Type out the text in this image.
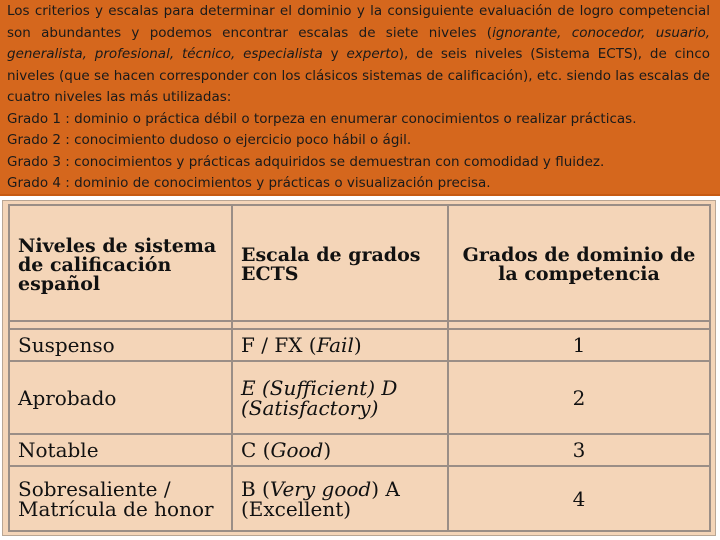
Los criterios y escalas para determinar el dominio y la consiguiente evaluación de logro competencial son abundantes y podemos encontrar escalas de siete niveles (ignorante, conocedor, usuario, generalista, profesional, técnico, especialista y experto), de seis niveles (Sistema ECTS), de cinco niveles (que se hacen corresponder con los clásicos sistemas de calificación), etc. siendo las escalas de cuatro niveles las más utilizadas:

Grado 1 : dominio o práctica débil o torpeza en enumerar conocimientos o realizar prácticas.

Grado 2 : conocimiento dudoso o ejercicio poco hábil o ágil.

Grado 3 : conocimientos y prácticas adquiridos se demuestran con comodidad y fluidez.

Grado 4 : dominio de conocimientos y prácticas o visualización precisa.

Niveles de sistema de calificación español	Escala de grados ECTS	Grados de dominio de la competencia

Suspenso	F / FX (Fail)	1
Aprobado	E (Sufficient) D (Satisfactory)	2
Notable	C (Good)	3
Sobresaliente / Matrícula de honor	B (Very good) A (Excellent)	4
